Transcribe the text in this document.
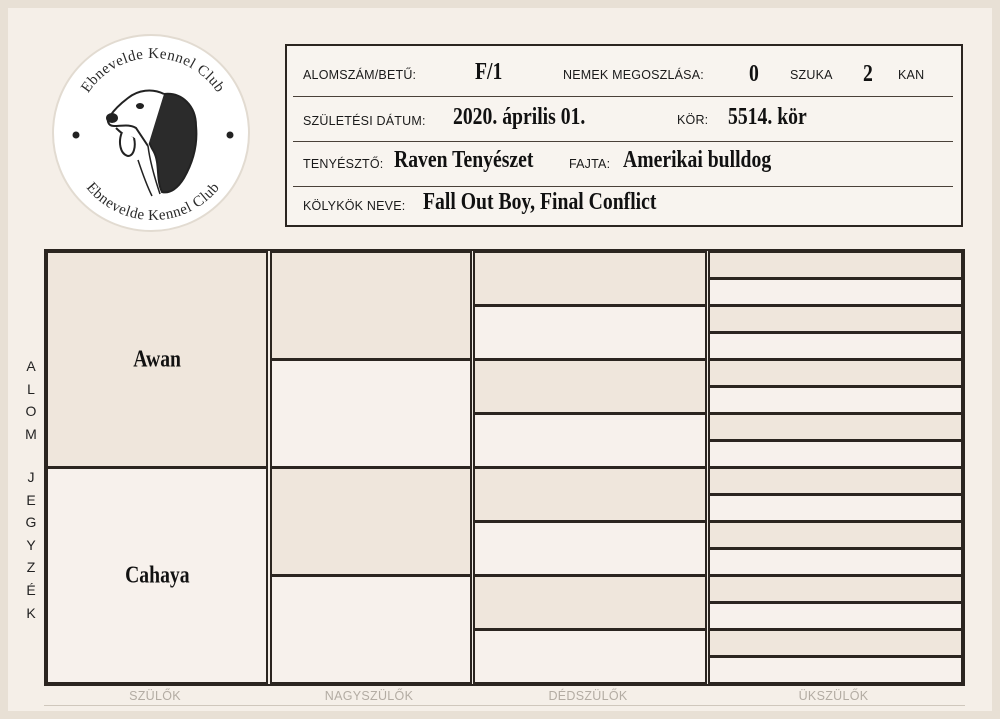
Ebnevelde Kennel Club
Ebnevelde Kennel Club
ALOMSZÁM/BETŰ: F/1	NEMEK MEGOSZLÁSA: 0 SZUKA 2 KAN
SZÜLETÉSI DÁTUM: 2020. április 01.	KÖR: 5514. kör
TENYÉSZTŐ: Raven Tenyészet	FAJTA: Amerikai bulldog
KÖLYKÖK NEVE: Fall Out Boy, Final Conflict
A
L
O
M
J
E
G
Y
Z
É
K
Awan
Cahaya
SZÜLŐK	NAGYSZÜLŐK	DÉDSZÜLŐK	ÜKSZÜLŐK
